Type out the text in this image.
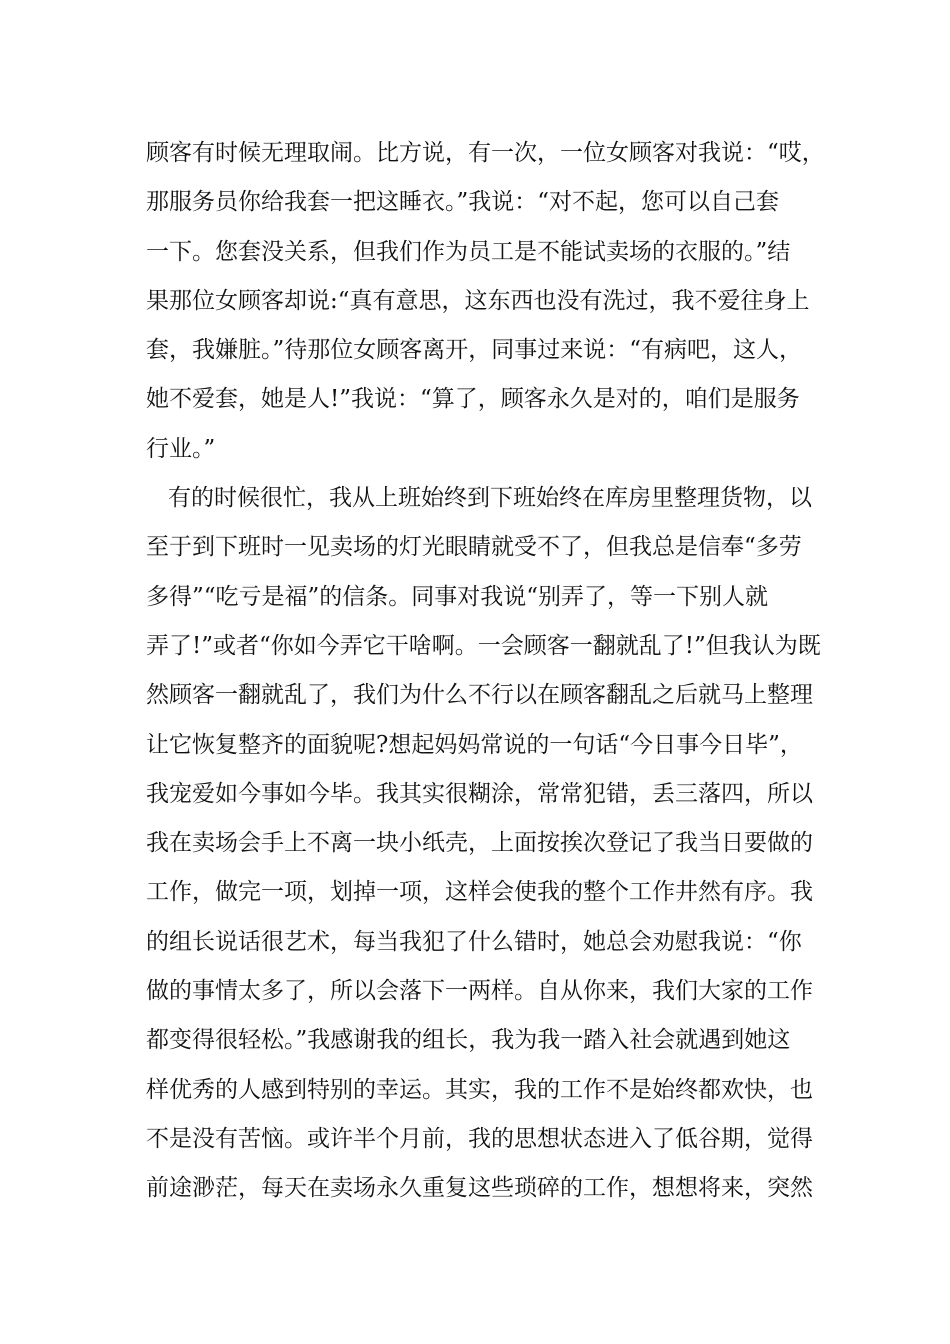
顾客有时候无理取闹。比方说，有一次，一位女顾客对我说：“哎，
那服务员你给我套一把这睡衣。”我说：“对不起，您可以自己套
一下。您套没关系，但我们作为员工是不能试卖场的衣服的。”结
果那位女顾客却说:“真有意思，这东西也没有洗过，我不爱往身上
套，我嫌脏。”待那位女顾客离开，同事过来说：“有病吧，这人，
她不爱套，她是人!”我说：“算了，顾客永久是对的，咱们是服务
行业。”
有的时候很忙，我从上班始终到下班始终在库房里整理货物，以
至于到下班时一见卖场的灯光眼睛就受不了，但我总是信奉“多劳
多得”“吃亏是福”的信条。同事对我说“别弄了，等一下别人就
弄了!”或者“你如今弄它干啥啊。一会顾客一翻就乱了!”但我认为既
然顾客一翻就乱了，我们为什么不行以在顾客翻乱之后就马上整理
让它恢复整齐的面貌呢?想起妈妈常说的一句话“今日事今日毕”，
我宠爱如今事如今毕。我其实很糊涂，常常犯错，丢三落四，所以
我在卖场会手上不离一块小纸壳，上面按挨次登记了我当日要做的
工作，做完一项，划掉一项，这样会使我的整个工作井然有序。我
的组长说话很艺术，每当我犯了什么错时，她总会劝慰我说：“你
做的事情太多了，所以会落下一两样。自从你来，我们大家的工作
都变得很轻松。”我感谢我的组长，我为我一踏入社会就遇到她这
样优秀的人感到特别的幸运。其实，我的工作不是始终都欢快，也
不是没有苦恼。或许半个月前，我的思想状态进入了低谷期，觉得
前途渺茫，每天在卖场永久重复这些琐碎的工作，想想将来，突然
